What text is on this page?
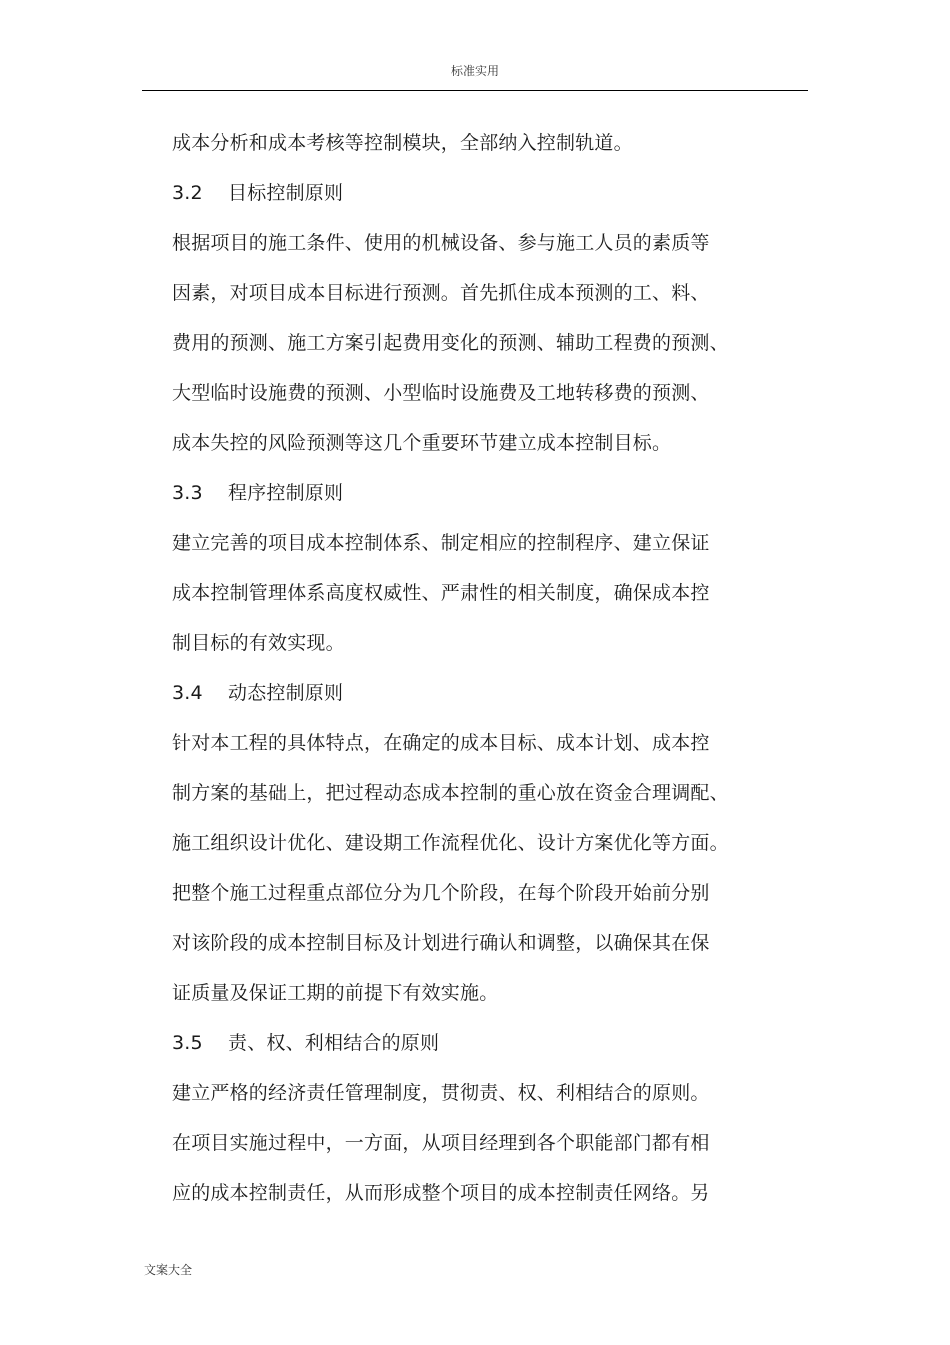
标准实用
成本分析和成本考核等控制模块，全部纳入控制轨道。
3.2 目标控制原则
根据项目的施工条件、使用的机械设备、参与施工人员的素质等
因素，对项目成本目标进行预测。首先抓住成本预测的工、料、
费用的预测、施工方案引起费用变化的预测、辅助工程费的预测、
大型临时设施费的预测、小型临时设施费及工地转移费的预测、
成本失控的风险预测等这几个重要环节建立成本控制目标。
3.3 程序控制原则
建立完善的项目成本控制体系、制定相应的控制程序、建立保证
成本控制管理体系高度权威性、严肃性的相关制度，确保成本控
制目标的有效实现。
3.4 动态控制原则
针对本工程的具体特点，在确定的成本目标、成本计划、成本控
制方案的基础上，把过程动态成本控制的重心放在资金合理调配、
施工组织设计优化、建设期工作流程优化、设计方案优化等方面。
把整个施工过程重点部位分为几个阶段，在每个阶段开始前分别
对该阶段的成本控制目标及计划进行确认和调整，以确保其在保
证质量及保证工期的前提下有效实施。
3.5 责、权、利相结合的原则
建立严格的经济责任管理制度，贯彻责、权、利相结合的原则。
在项目实施过程中，一方面，从项目经理到各个职能部门都有相
应的成本控制责任，从而形成整个项目的成本控制责任网络。另
文案大全
